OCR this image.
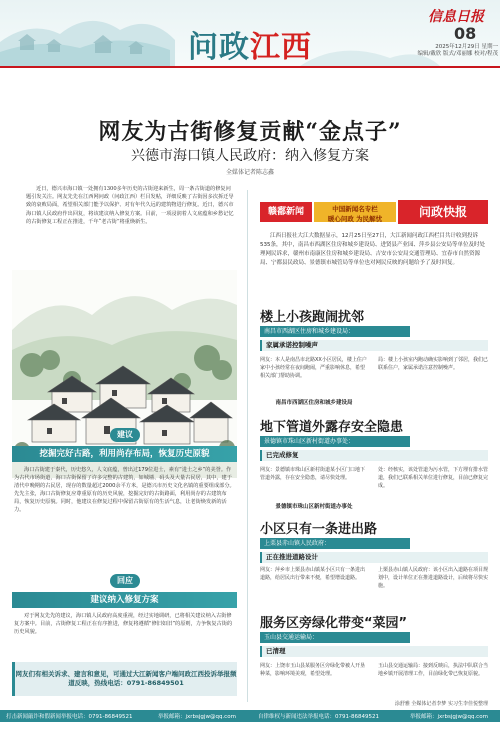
问政江西
信息日报
08
2025年12月29日 星期一
编辑/戴欣 版式/邓丽娜 校对/程茂
网友为古街修复贡献“金点子”
兴德市海口镇人民政府：纳入修复方案
全媒体记者陈志鑫
近日，德兴市海口镇一处拥有1300多年历史的古街迎来新生，周一条古街道的修复问题引发关注。网友先先在江西网问政（问政江西）栏目发帖，详细反映了古街因多次拆迁导致的衰败局面，希望相关部门能予以保护、对有年代久远的建筑物进行修复。近日，德兴市海口镇人民政府作出回复，将该建议纳入修复方案。目前，一项浸润着人文底蕴和乡愁记忆的古街修复工程正在推进，千年“老古街”将重焕新生。
建议
挖掘完好古路，利用尚存布局，恢复历史原貌
海口古街建于秦代，历史悠久，人文底蕴，曾出过179位进士，素有“进士之乡”的美誉。作为古代市场街道，海口古街保留了许多完整的古建筑，如城墙、码头及大量古民居，其中，建于清代中晚期的古民居，现存的数量超过2000余平方米，是德兴市历史文化名镇的重要组成部分。先先主张，海口古街修复应尊重原有的历史风貌，挖掘完好的古街路面，利用尚存的古建筑布局，恢复历史原貌。同时，他建议在修复过程中保留古街原有的生活气息，让老街焕发新的活力。
回应
建议纳入修复方案
对于网友先先的建议，海口镇人民政府高度重视，经过实地调研，已将相关建议纳入古街修复方案中。目前，古街修复工程正在有序推进，修复将遵循“修旧如旧”的原则，力争恢复古街的历史风貌。
网友们有相关诉求、建言和意见，可通过大江新闻客户端问政江西投诉举报频道反映，热线电话：0791-86849501
赣鄱新闻	中国新闻名专栏
暖心问政 为民解忧	问政快报
江西日报社大江大数据显示，12月25日至27日，大江新闻问政江西栏目共计收到投诉535条，其中，南昌市西湖区住房和城乡建设局、进贤县产业园、萍乡县公安局等单位及时处理网民诉求，赣州市南康区住房和城乡建设局、吉安市公安局交通管理局、宜春市自然资源局、宁都县民政局、景德镇市城管局等单位也对网民反映的问题给予了及时回复。
楼上小孩跑闹扰邻
南昌市西湖区住房和城乡建设局：
家属承诺控制噪声
网友：本人是南昌市北路XX小区居民，楼上住户家中小孩经常在夜间跑闹，严重影响休息，希望相关部门帮助协调。
局：楼上小孩室内跑动确实影响到了邻居，我们已联系住户，家属承诺注意控制噪声。
南昌市西湖区住房和城乡建设局
地下管道外露存安全隐患
景德镇市珠山区新村街道办事处：
已完成修复
网友：景德镇市珠山区新村街道某小区门口地下管道外露，存在安全隐患，请尽快处理。
处：经核实，该处管道为污水管，下方埋有排水管道，我们已联系相关单位进行修复，目前已修复完成。
景德镇市珠山区新村街道办事处
小区只有一条进出路
上栗县赤山镇人民政府：
正在推进道路设计
网友：萍乡市上栗县赤山镇某小区只有一条进出道路，给居民出行带来不便，希望增设道路。
上栗县赤山镇人民政府：该小区出入道路在项目规划中，设计单位正在推进道路设计，后续将尽快实施。
服务区旁绿化带变“菜园”
玉山县交通运输局：
已清理
网友：上饶市玉山县某服务区旁绿化带被人开垦种菜，影响环境美观，希望处理。
玉山县交通运输局：接到反映后，执法中队联合当地乡镇开展清理工作，目前绿化带已恢复原貌。
涂舒雅 全媒体记者李梦 实习生李佳悦整理
打击新闻敲诈和假新闻举报电话：0791-86849521	举报邮箱：jxrbsjgjw@qq.com	自律维权与新闻违法举报电话：0791-86849521	举报邮箱：jxrbsjgjw@qq.com
